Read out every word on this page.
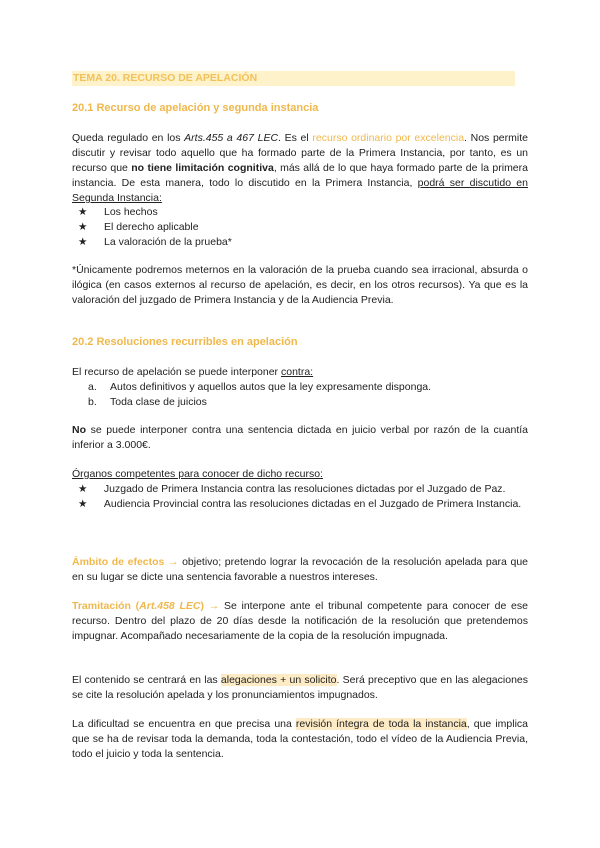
TEMA 20. RECURSO DE APELACIÓN
20.1 Recurso de apelación y segunda instancia
Queda regulado en los Arts.455 a 467 LEC. Es el recurso ordinario por excelencia. Nos permite discutir y revisar todo aquello que ha formado parte de la Primera Instancia, por tanto, es un recurso que no tiene limitación cognitiva, más allá de lo que haya formado parte de la primera instancia. De esta manera, todo lo discutido en la Primera Instancia, podrá ser discutido en Segunda Instancia:
★	Los hechos
★	El derecho aplicable
★	La valoración de la prueba*
*Únicamente podremos meternos en la valoración de la prueba cuando sea irracional, absurda o ilógica (en casos externos al recurso de apelación, es decir, en los otros recursos). Ya que es la valoración del juzgado de Primera Instancia y de la Audiencia Previa.
20.2 Resoluciones recurribles en apelación
El recurso de apelación se puede interponer contra:
a.	Autos definitivos y aquellos autos que la ley expresamente disponga.
b.	Toda clase de juicios
No se puede interponer contra una sentencia dictada en juicio verbal por razón de la cuantía inferior a 3.000€.
Órganos competentes para conocer de dicho recurso:
★	Juzgado de Primera Instancia contra las resoluciones dictadas por el Juzgado de Paz.
★	Audiencia Provincial contra las resoluciones dictadas en el Juzgado de Primera Instancia.
Ámbito de efectos → objetivo; pretendo lograr la revocación de la resolución apelada para que en su lugar se dicte una sentencia favorable a nuestros intereses.
Tramitación (Art.458 LEC) → Se interpone ante el tribunal competente para conocer de ese recurso. Dentro del plazo de 20 días desde la notificación de la resolución que pretendemos impugnar. Acompañado necesariamente de la copia de la resolución impugnada.
El contenido se centrará en las alegaciones + un solicito. Será preceptivo que en las alegaciones se cite la resolución apelada y los pronunciamientos impugnados.
La dificultad se encuentra en que precisa una revisión íntegra de toda la instancia, que implica que se ha de revisar toda la demanda, toda la contestación, todo el vídeo de la Audiencia Previa, todo el juicio y toda la sentencia.
